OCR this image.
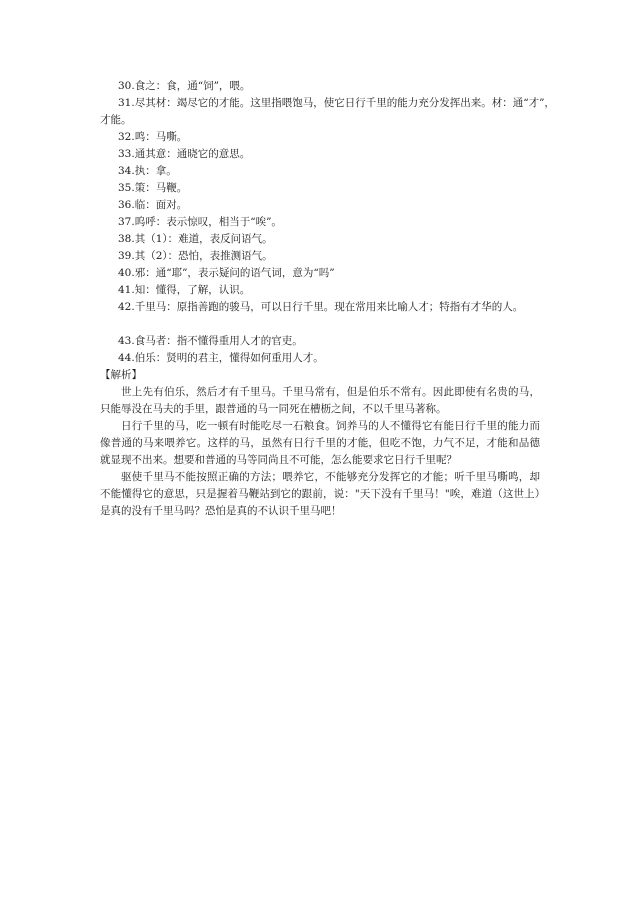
30.食之：食，通“饲”，喂。
31.尽其材：竭尽它的才能。这里指喂饱马，使它日行千里的能力充分发挥出来。材：通“才”，才能。
32.鸣：马嘶。
33.通其意：通晓它的意思。
34.执：拿。
35.策：马鞭。
36.临：面对。
37.呜呼：表示惊叹，相当于“唉”。
38.其（1）：难道，表反问语气。
39.其（2）：恐怕，表推测语气。
40.邪：通“耶”，表示疑问的语气词，意为“吗”
41.知：懂得，了解，认识。
42.千里马：原指善跑的骏马，可以日行千里。现在常用来比喻人才；特指有才华的人。
43.食马者：指不懂得重用人才的官吏。
44.伯乐：贤明的君主，懂得如何重用人才。
【解析】
世上先有伯乐，然后才有千里马。千里马常有，但是伯乐不常有。因此即使有名贵的马，只能辱没在马夫的手里，跟普通的马一同死在槽枥之间，不以千里马著称。
日行千里的马，吃一顿有时能吃尽一石粮食。饲养马的人不懂得它有能日行千里的能力而像普通的马来喂养它。这样的马，虽然有日行千里的才能，但吃不饱，力气不足，才能和品德就显现不出来。想要和普通的马等同尚且不可能，怎么能要求它日行千里呢？
驱使千里马不能按照正确的方法；喂养它，不能够充分发挥它的才能；听千里马嘶鸣，却不能懂得它的意思，只是握着马鞭站到它的跟前，说："天下没有千里马！"唉，难道（这世上）是真的没有千里马吗？恐怕是真的不认识千里马吧！
